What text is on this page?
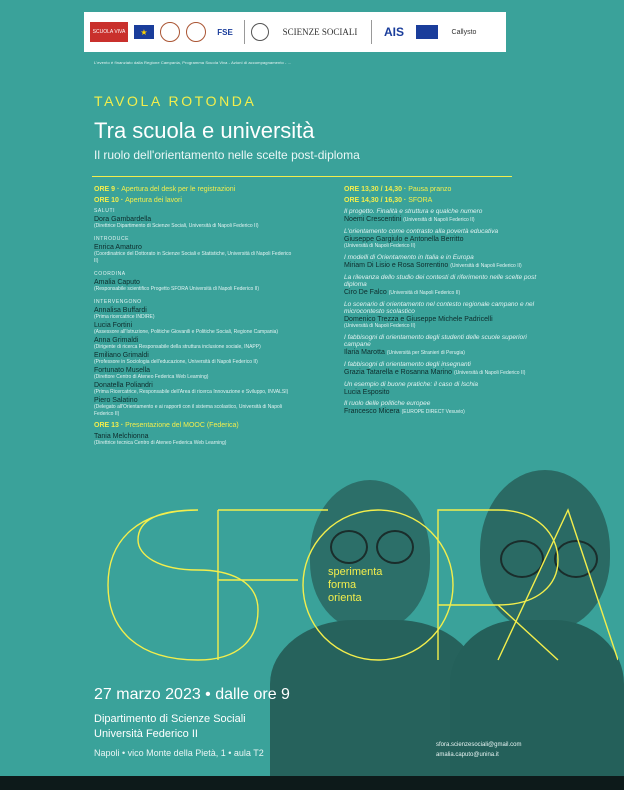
SCUOLA VIVA	★	FSE	SCIENZE SOCIALI	AIS	Callysto
L'evento è finanziato dalla Regione Campania, Programma Scuola Viva - Azioni di accompagnamento - ...
TAVOLA ROTONDA
Tra scuola e università
Il ruolo dell'orientamento nelle scelte post-diploma
ORE 9 · Apertura del desk per le registrazioni
ORE 10 · Apertura dei lavori
SALUTI
Dora Gambardella
(Direttrice Dipartimento di Scienze Sociali, Università di Napoli Federico II)
INTRODUCE
Enrica Amaturo
(Coordinatrice del Dottorato in Scienze Sociali e Statistiche, Università di Napoli Federico II)
COORDINA
Amalia Caputo
(Responsabile scientifico Progetto SFORA Università di Napoli Federico II)
INTERVENGONO
Annalisa Buffardi
(Prima ricercatrice INDIRE)
Lucia Fortini
(Assessore all'Istruzione, Politiche Giovanili e Politiche Sociali, Regione Campania)
Anna Grimaldi
(Dirigente di ricerca Responsabile della struttura inclusione sociale, INAPP)
Emiliano Grimaldi
(Professore in Sociologia dell'educazione, Università di Napoli Federico II)
Fortunato Musella
(Direttore Centro di Ateneo Federica Web Learning)
Donatella Poliandri
(Prima Ricercatrice, Responsabile dell'Area di ricerca Innovazione e Sviluppo, INVALSI)
Piero Salatino
(Delegato all'Orientamento e ai rapporti con il sistema scolastico, Università di Napoli Federico II)
ORE 13 · Presentazione del MOOC (Federica)
Tania Melchionna
(Direttrice tecnica Centro di Ateneo Federica Web Learning)
ORE 13,30 / 14,30 · Pausa pranzo
ORE 14,30 / 16,30 · SFORA
Il progetto. Finalità e struttura e qualche numero
Noemi Crescentini (Università di Napoli Federico II)
L'orientamento come contrasto alla povertà educativa
Giuseppe Gargiulo e Antonella Berritto
(Università di Napoli Federico II)
I modelli di Orientamento in Italia e in Europa
Miriam Di Lisio e Rosa Sorrentino (Università di Napoli Federico II)
La rilevanza dello studio dei contesti di riferimento nelle scelte post diploma
Ciro De Falco (Università di Napoli Federico II)
Lo scenario di orientamento nel contesto regionale campano e nel microcontesto scolastico
Domenico Trezza e Giuseppe Michele Padricelli
(Università di Napoli Federico II)
I fabbisogni di orientamento degli studenti delle scuole superiori campane
Ilaria Marotta (Università per Stranieri di Perugia)
I fabbisogni di orientamento degli insegnanti
Grazia Tatarella e Rosanna Marino (Università di Napoli Federico II)
Un esempio di buone pratiche: il caso di Ischia
Lucia Esposito
Il ruolo delle politiche europee
Francesco Micera (EUROPE DIRECT Vesuvio)
sperimenta
forma
orienta
27 marzo 2023 • dalle ore 9
Dipartimento di Scienze Sociali
Università Federico II
Napoli • vico Monte della Pietà, 1 • aula T2
sfora.scienzesociali@gmail.com
amalia.caputo@unina.it
